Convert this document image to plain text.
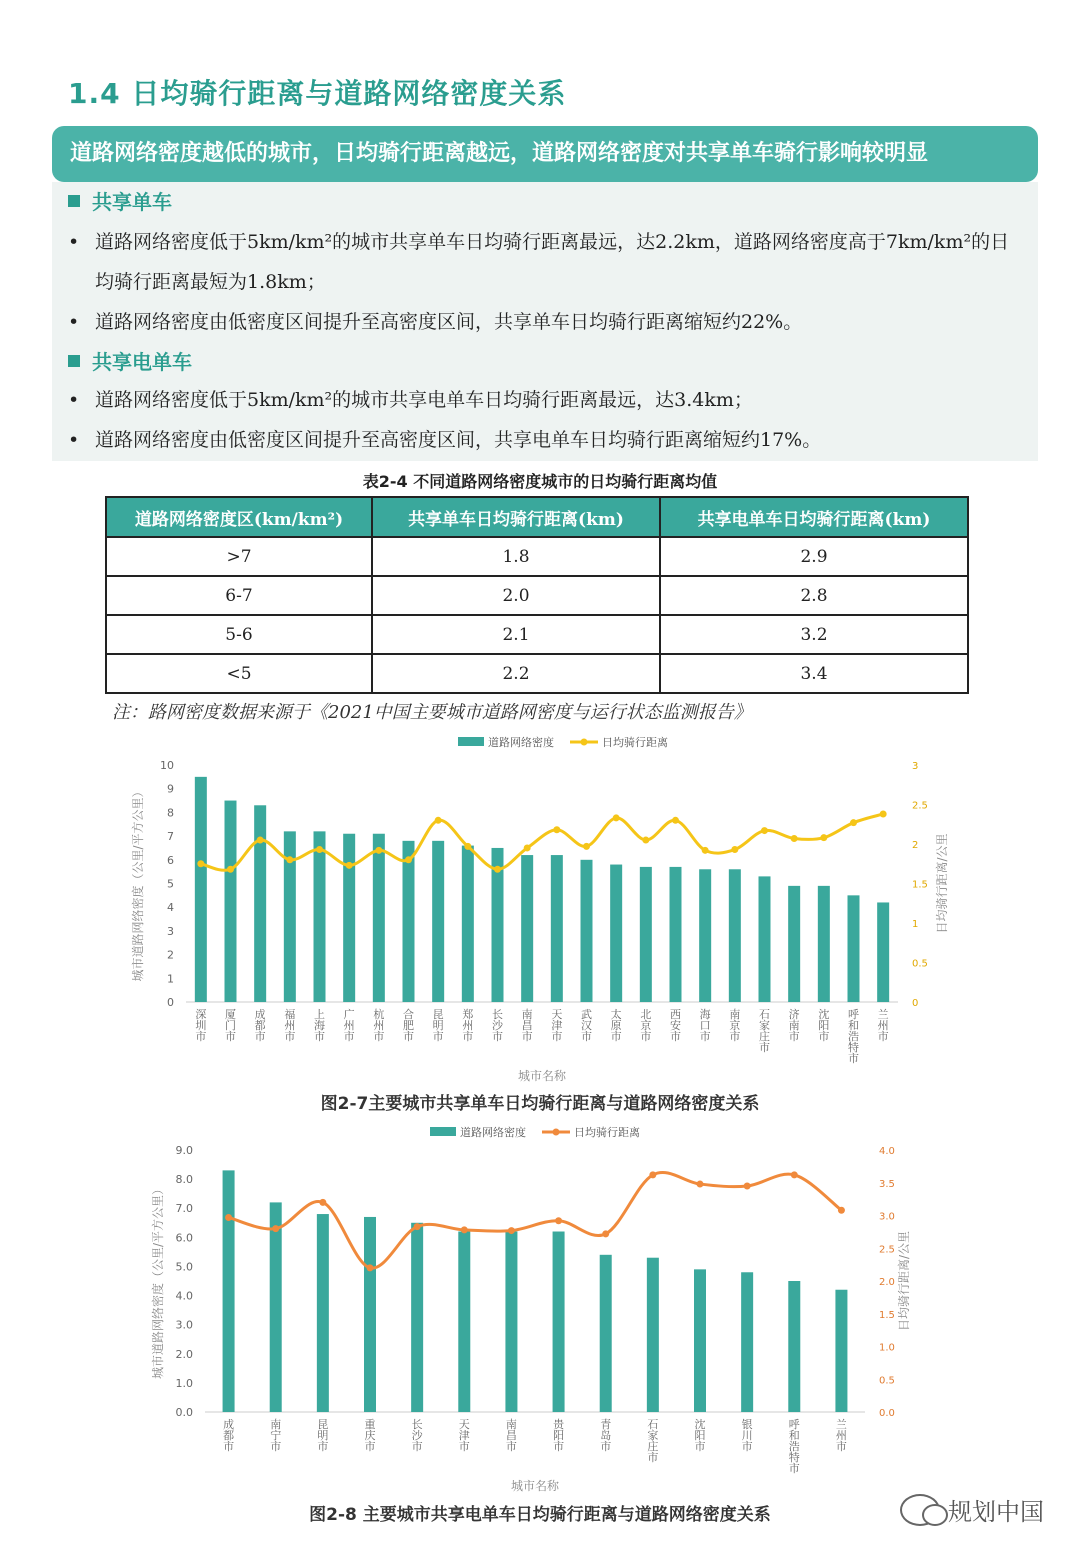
1.4 日均骑行距离与道路网络密度关系
道路网络密度越低的城市，日均骑行距离越远，道路网络密度对共享单车骑行影响较明显
共享单车
• 道路网络密度低于5km/km²的城市共享单车日均骑行距离最远，达2.2km，道路网络密度高于7km/km²的日均骑行距离最短为1.8km；
• 道路网络密度由低密度区间提升至高密度区间，共享单车日均骑行距离缩短约22%。
共享电单车
• 道路网络密度低于5km/km²的城市共享电单车日均骑行距离最远，达3.4km；
• 道路网络密度由低密度区间提升至高密度区间，共享电单车日均骑行距离缩短约17%。
表2-4 不同道路网络密度城市的日均骑行距离均值
道路网络密度区(km/km²)	共享单车日均骑行距离(km)	共享电单车日均骑行距离(km)
>7	1.8	2.9
6-7	2.0	2.8
5-6	2.1	3.2
<5	2.2	3.4
注：路网密度数据来源于《2021中国主要城市道路网密度与运行状态监测报告》
道路网络密度	日均骑行距离
0
1
2
3
4
5
6
7
8
9
10
0
0.5
1
1.5
2
2.5
3
深圳市
厦门市
成都市
福州市
上海市
广州市
杭州市
合肥市
昆明市
郑州市
长沙市
南昌市
天津市
武汉市
太原市
北京市
西安市
海口市
南京市
石家庄市
济南市
沈阳市
呼和浩特市
兰州市
城市名称
城市道路网络密度（公里/平方公里）	日均骑行距离/公里
图2-7主要城市共享单车日均骑行距离与道路网络密度关系
道路网络密度	日均骑行距离
0.0
1.0
2.0
3.0
4.0
5.0
6.0
7.0
8.0
9.0
0.0
0.5
1.0
1.5
2.0
2.5
3.0
3.5
4.0
成都市
南宁市
昆明市
重庆市
长沙市
天津市
南昌市
贵阳市
青岛市
石家庄市
沈阳市
银川市
呼和浩特市
兰州市
城市名称
城市道路网络密度（公里/平方公里）	日均骑行距离/公里
图2-8 主要城市共享电单车日均骑行距离与道路网络密度关系	规划中国
